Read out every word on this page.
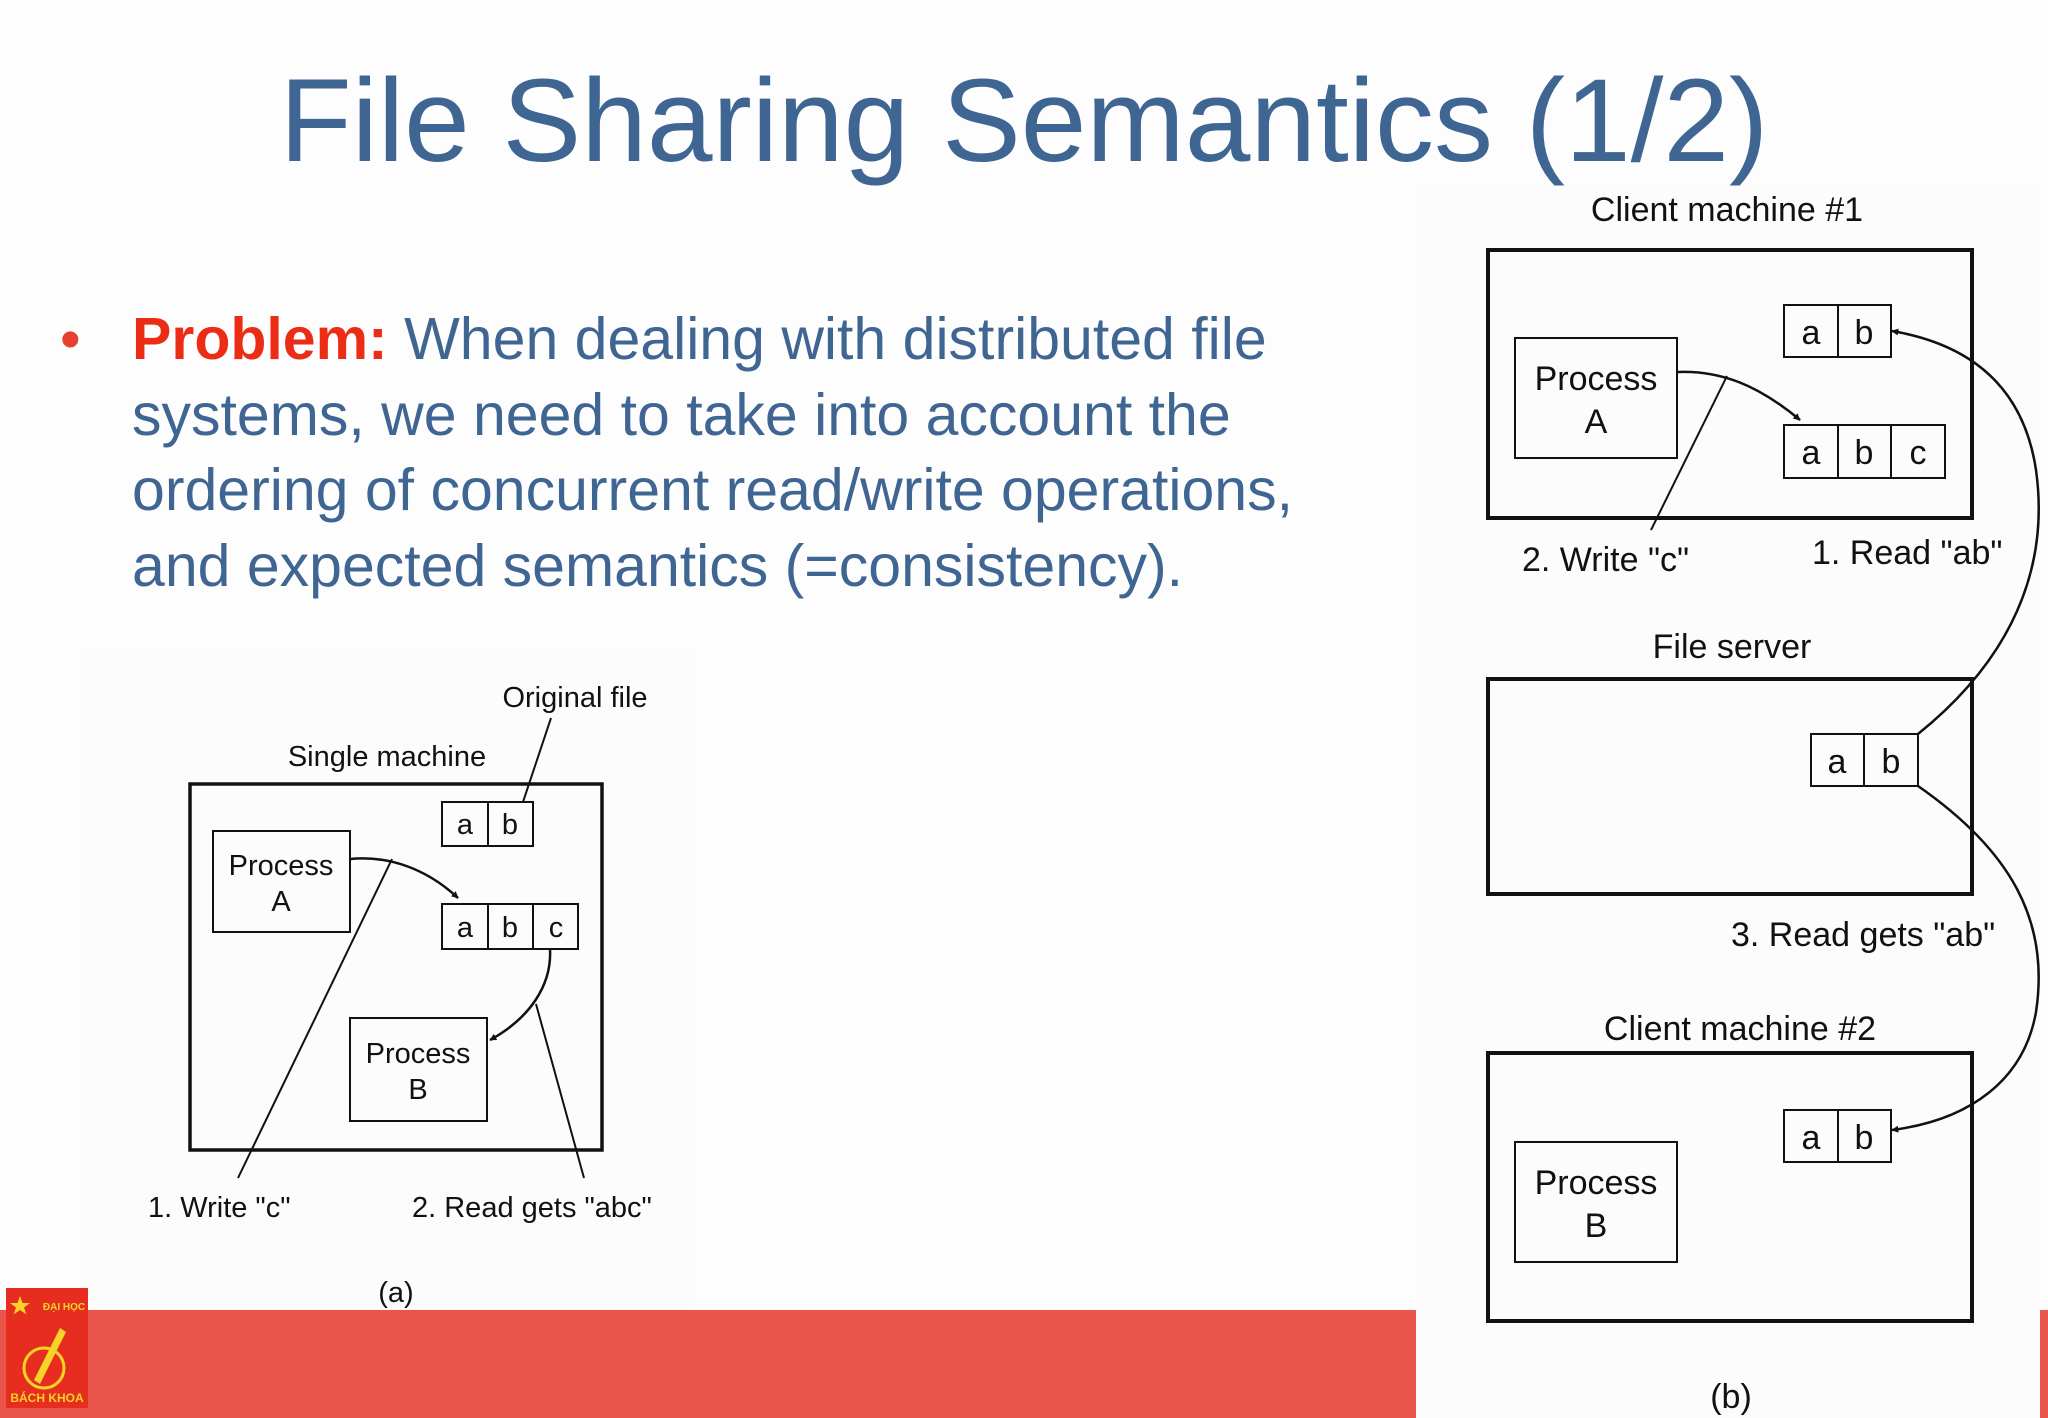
File Sharing Semantics (1/2)
• Problem: When dealing with distributed file
systems, we need to take into account the
ordering of concurrent read/write operations,
and expected semantics (=consistency).
Original file
Single machine
Process
A
a b
a b c
Process
B
1. Write "c"	2. Read gets "abc"
(a)
Client machine #1
Process
A
a b
a b c
2. Write "c"	1. Read "ab"
File server
a b
3. Read gets "ab"
Client machine #2
a b
Process
B
(b)
ĐẠI HỌC
BÁCH KHOA
